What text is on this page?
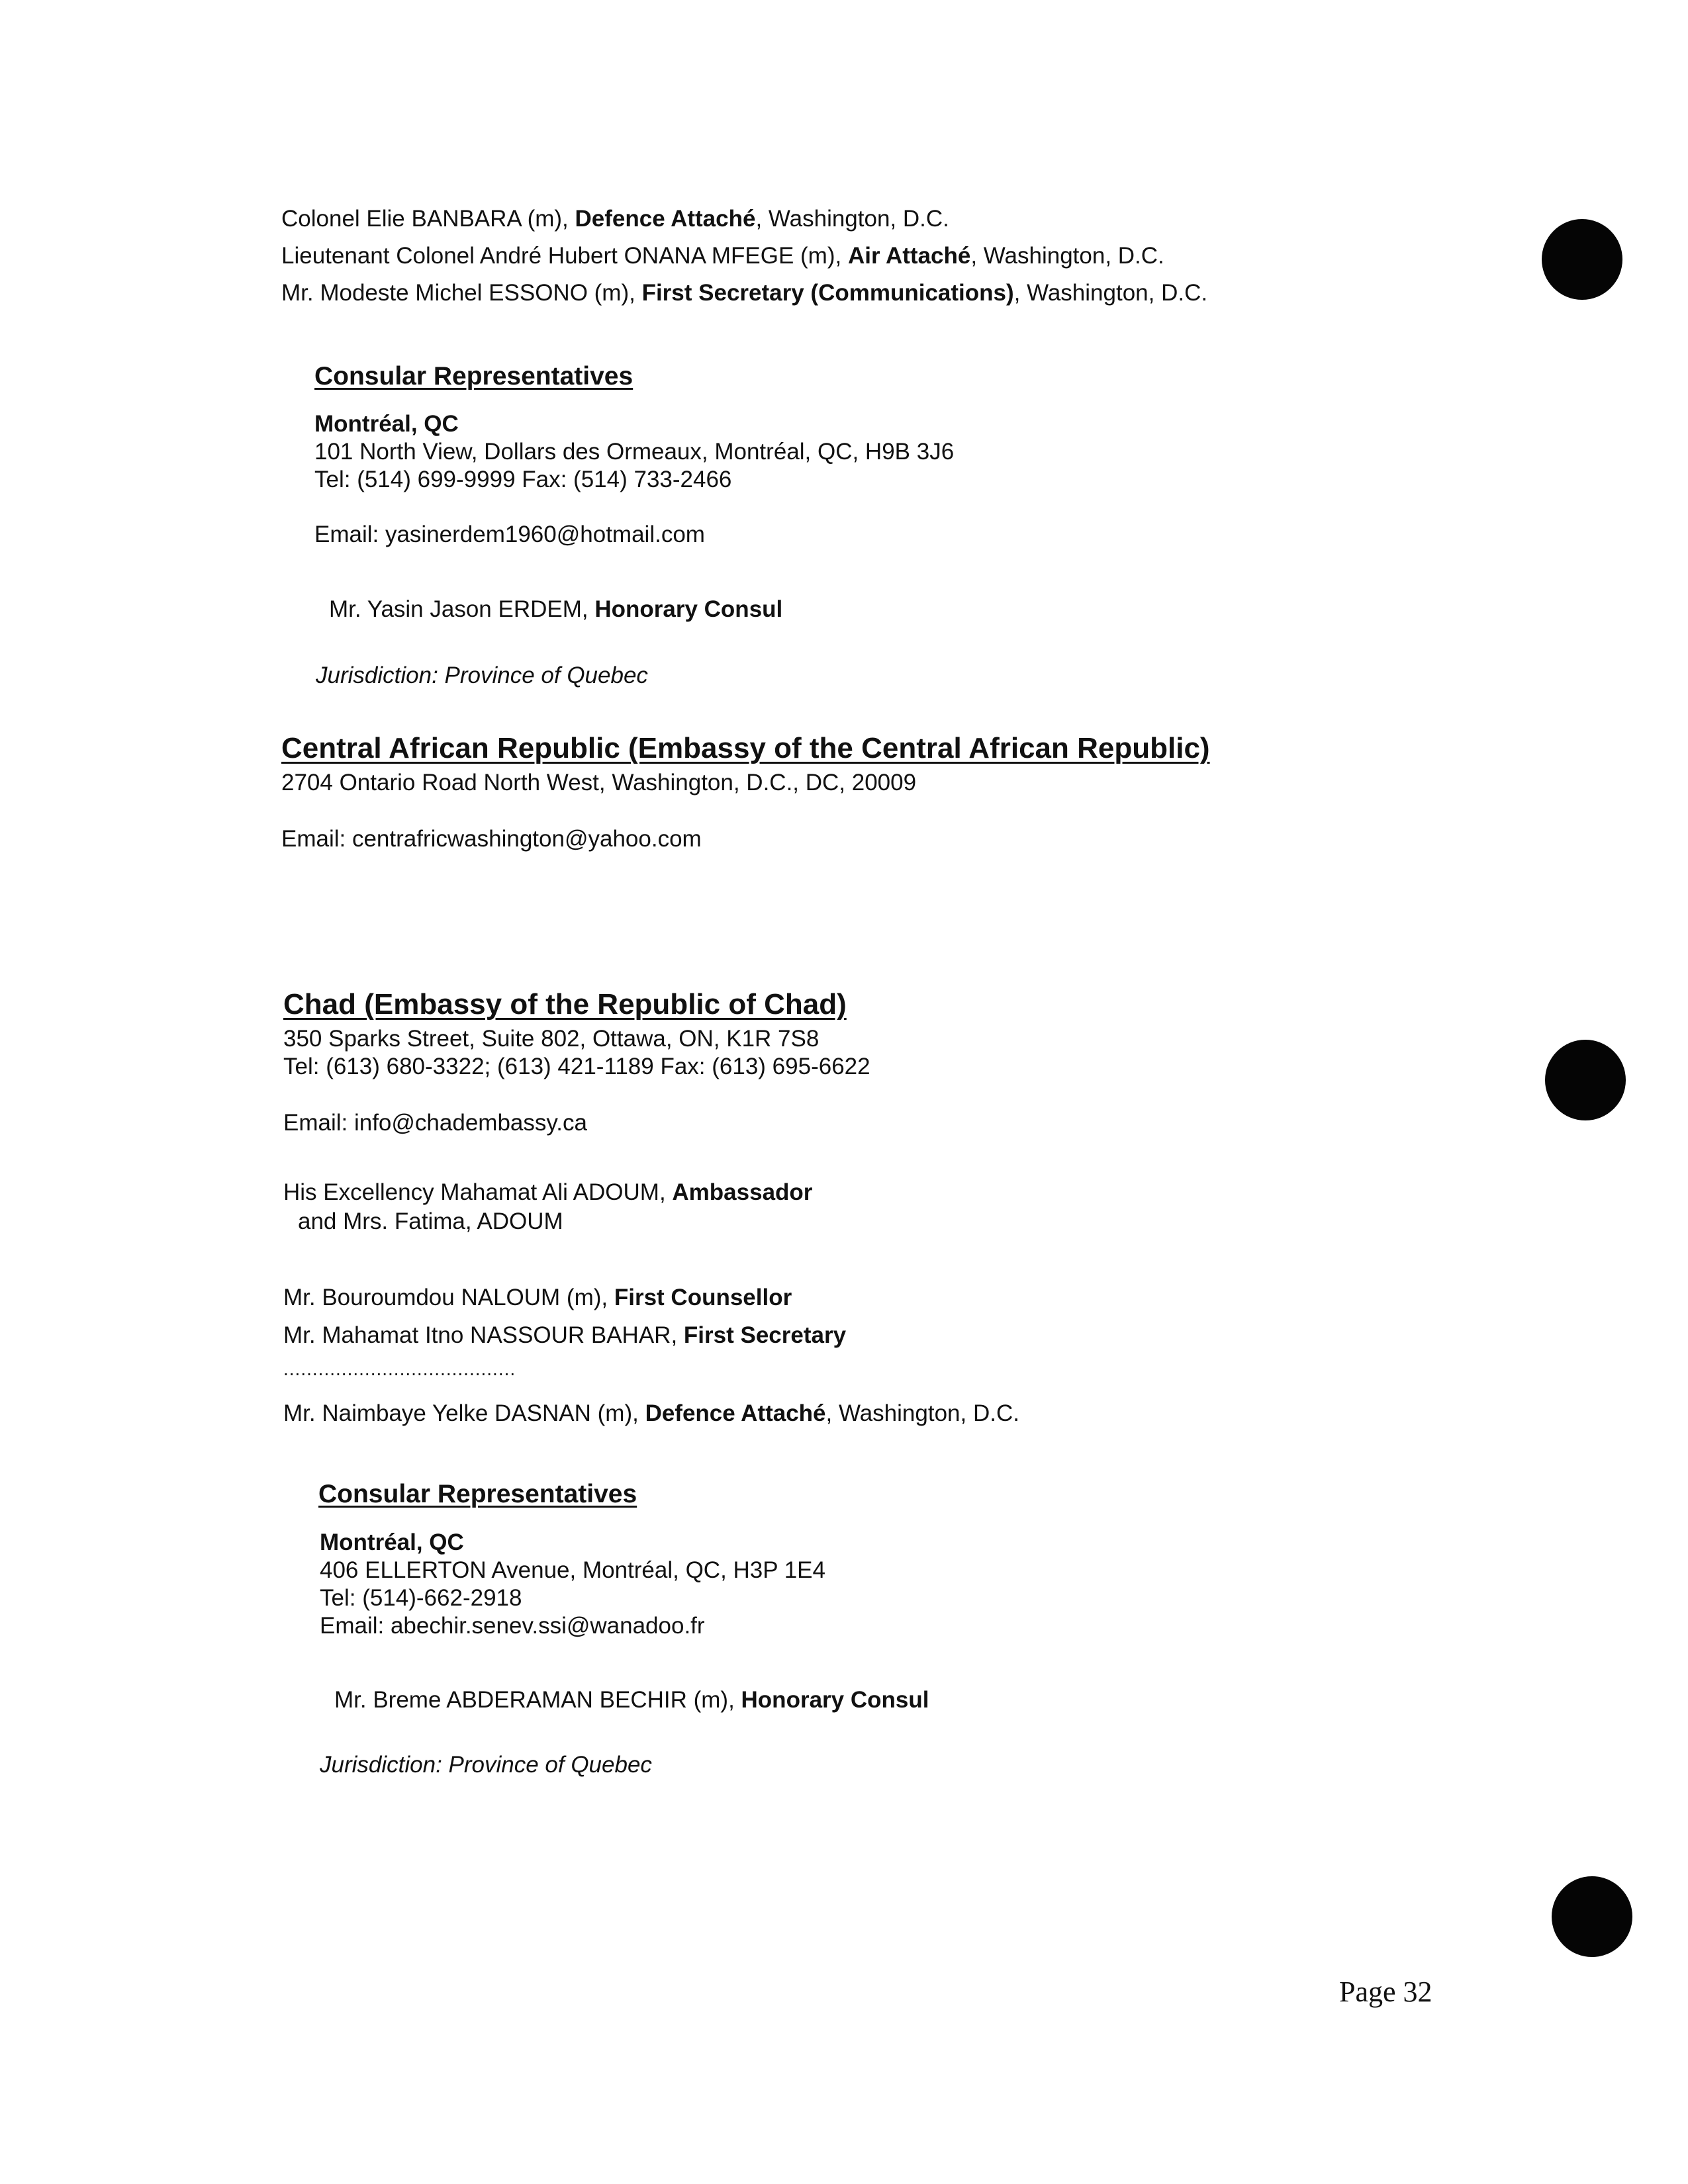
Colonel Elie BANBARA (m), Defence Attaché, Washington, D.C.
Lieutenant Colonel André Hubert ONANA MFEGE (m), Air Attaché, Washington, D.C.
Mr. Modeste Michel ESSONO (m), First Secretary (Communications), Washington, D.C.
Consular Representatives
Montréal, QC
101 North View, Dollars des Ormeaux, Montréal, QC, H9B 3J6
Tel: (514) 699-9999 Fax: (514) 733-2466
Email: yasinerdem1960@hotmail.com
Mr. Yasin Jason ERDEM, Honorary Consul
Jurisdiction: Province of Quebec
Central African Republic (Embassy of the Central African Republic)
2704 Ontario Road North West, Washington, D.C., DC, 20009
Email: centrafricwashington@yahoo.com
Chad (Embassy of the Republic of Chad)
350 Sparks Street, Suite 802, Ottawa, ON, K1R 7S8
Tel: (613) 680-3322; (613) 421-1189 Fax: (613) 695-6622
Email: info@chadembassy.ca
His Excellency Mahamat Ali ADOUM, Ambassador
and Mrs. Fatima, ADOUM
Mr. Bouroumdou NALOUM (m), First Counsellor
Mr. Mahamat Itno NASSOUR BAHAR, First Secretary
........................................
Mr. Naimbaye Yelke DASNAN (m), Defence Attaché, Washington, D.C.
Consular Representatives
Montréal, QC
406 ELLERTON Avenue, Montréal, QC, H3P 1E4
Tel: (514)-662-2918
Email: abechir.senev.ssi@wanadoo.fr
Mr. Breme ABDERAMAN BECHIR (m), Honorary Consul
Jurisdiction: Province of Quebec
Page 32
